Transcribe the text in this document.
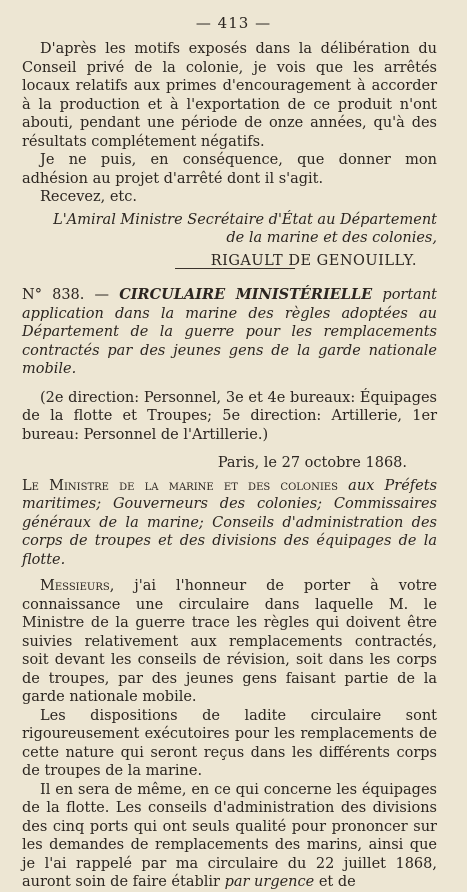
— 413 —

D'après les motifs exposés dans la délibération du Conseil privé de la colonie, je vois que les arrêtés locaux relatifs aux primes d'encouragement à accorder à la production et à l'exportation de ce produit n'ont abouti, pendant une période de onze années, qu'à des résultats complétement négatifs.

Je ne puis, en conséquence, que donner mon adhésion au projet d'arrêté dont il s'agit.

Recevez, etc.

L'Amiral Ministre Secrétaire d'État au Département

de la marine et des colonies,

RIGAULT DE GENOUILLY.

N° 838. — CIRCULAIRE MINISTÉRIELLE portant application dans la marine des règles adoptées au Département de la guerre pour les remplacements contractés par des jeunes gens de la garde nationale mobile.

(2e direction: Personnel, 3e et 4e bureaux: Équipages de la flotte et Troupes; 5e direction: Artillerie, 1er bureau: Personnel de l'Artillerie.)

Paris, le 27 octobre 1868.

Le Ministre de la marine et des colonies aux Préfets maritimes; Gouverneurs des colonies; Commissaires généraux de la marine; Conseils d'administration des corps de troupes et des divisions des équipages de la flotte.

Messieurs, j'ai l'honneur de porter à votre connaissance une circulaire dans laquelle M. le Ministre de la guerre trace les règles qui doivent être suivies relativement aux remplacements contractés, soit devant les conseils de révision, soit dans les corps de troupes, par des jeunes gens faisant partie de la garde nationale mobile.

Les dispositions de ladite circulaire sont rigoureusement exécutoires pour les remplacements de cette nature qui seront reçus dans les différents corps de troupes de la marine.

Il en sera de même, en ce qui concerne les équipages de la flotte. Les conseils d'administration des divisions des cinq ports qui ont seuls qualité pour prononcer sur les demandes de remplacements des marins, ainsi que je l'ai rappelé par ma circulaire du 22 juillet 1868, auront soin de faire établir par urgence et de
